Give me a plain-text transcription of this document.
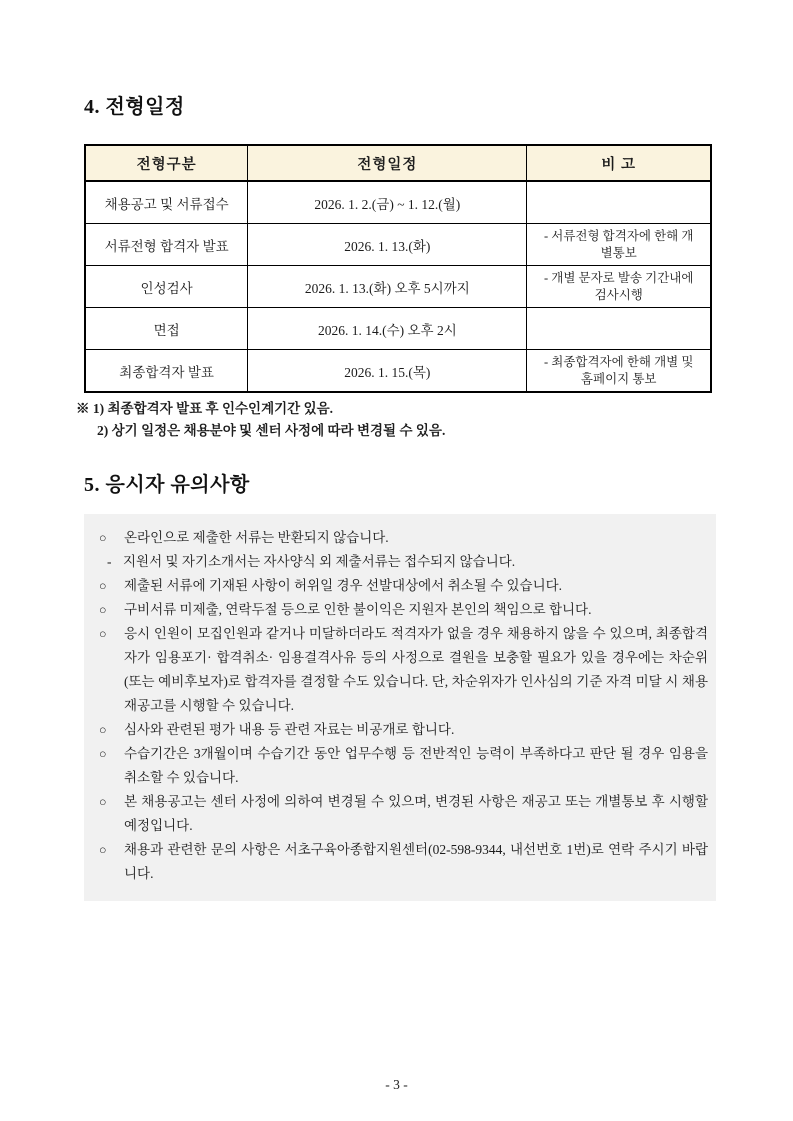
4. 전형일정
전형구분	전형일정	비 고
채용공고 및 서류접수	2026. 1. 2.(금) ~ 1. 12.(월)	
서류전형 합격자 발표	2026. 1. 13.(화)	- 서류전형 합격자에 한해 개별통보
인성검사	2026. 1. 13.(화) 오후 5시까지	- 개별 문자로 발송 기간내에 검사시행
면접	2026. 1. 14.(수) 오후 2시	
최종합격자 발표	2026. 1. 15.(목)	- 최종합격자에 한해 개별 및 홈페이지 통보
※ 1) 최종합격자 발표 후 인수인계기간 있음.
2) 상기 일정은 채용분야 및 센터 사정에 따라 변경될 수 있음.
5. 응시자 유의사항
○	온라인으로 제출한 서류는 반환되지 않습니다.
- 지원서 및 자기소개서는 자사양식 외 제출서류는 접수되지 않습니다.
○	제출된 서류에 기재된 사항이 허위일 경우 선발대상에서 취소될 수 있습니다.
○	구비서류 미제출, 연락두절 등으로 인한 불이익은 지원자 본인의 책임으로 합니다.
○	응시 인원이 모집인원과 같거나 미달하더라도 적격자가 없을 경우 채용하지 않을 수 있으며, 최종합격자가 임용포기· 합격취소· 임용결격사유 등의 사정으로 결원을 보충할 필요가 있을 경우에는 차순위 (또는 예비후보자)로 합격자를 결정할 수도 있습니다. 단, 차순위자가 인사심의 기준 자격 미달 시 채용 재공고를 시행할 수 있습니다.
○	심사와 관련된 평가 내용 등 관련 자료는 비공개로 합니다.
○	수습기간은 3개월이며 수습기간 동안 업무수행 등 전반적인 능력이 부족하다고 판단 될 경우 임용을 취소할 수 있습니다.
○	본 채용공고는 센터 사정에 의하여 변경될 수 있으며, 변경된 사항은 재공고 또는 개별통보 후 시행할 예정입니다.
○	채용과 관련한 문의 사항은 서초구육아종합지원센터(02-598-9344, 내선번호 1번)로 연락 주시기 바랍니다.
- 3 -
